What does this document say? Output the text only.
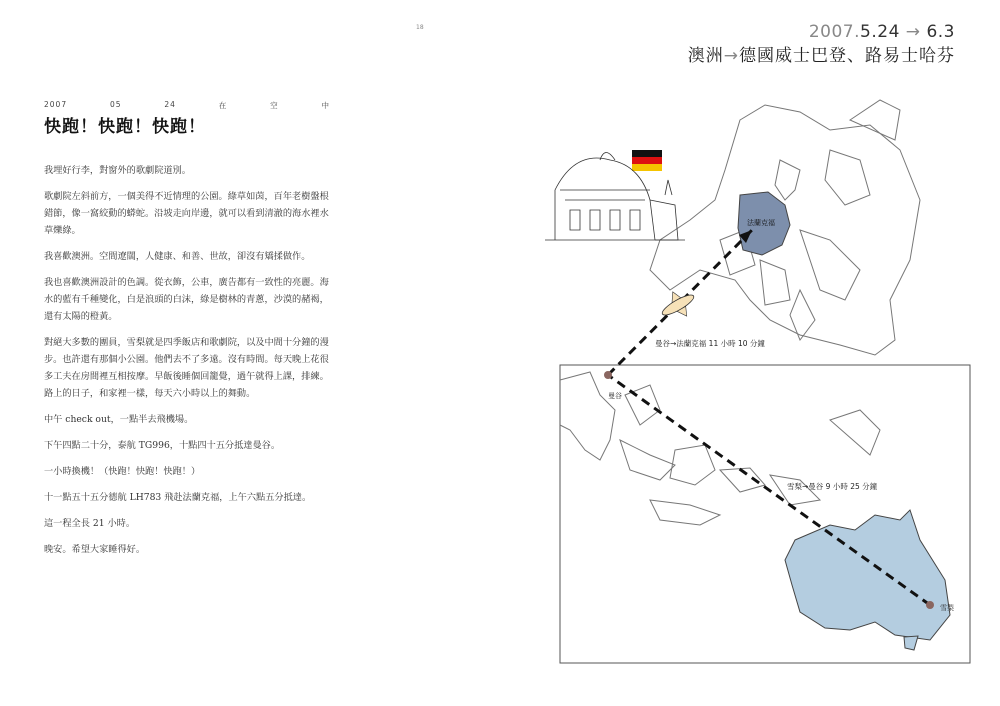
18
2007	05	24	在	空	中
快跑！快跑！快跑！

我埋好行李，對窗外的歌劇院道別。

歌劇院左斜前方，一個美得不近情理的公園。綠草如茵，百年老樹盤根錯節，像一窩絞動的蟒蛇。沿坡走向岸邊，就可以看到清澈的海水裡水草爍綠。

我喜歡澳洲。空間遼闊，人健康、和善、世故，卻沒有矯揉做作。

我也喜歡澳洲設計的色調。從衣飾，公車，廣告都有一致性的亮麗。海水的藍有千種變化，白是浪頭的白沫，綠是樹林的青蔥，沙漠的赭褐，還有太陽的橙黃。

對絕大多數的團員，雪梨就是四季飯店和歌劇院，以及中間十分鐘的漫步。也許還有那個小公園。他們去不了多遠。沒有時間。每天晚上花很多工夫在房間裡互相按摩。早飯後睡個回籠覺，過午就得上課，排練。路上的日子，和家裡一樣，每天六小時以上的舞動。

中午 check out，一點半去飛機場。

下午四點二十分，泰航 TG996，十點四十五分抵達曼谷。

一小時換機！（快跑！快跑！快跑！）

十一點五十五分德航 LH783 飛赴法蘭克福，上午六點五分抵達。

這一程全長 21 小時。

晚安。希望大家睡得好。

2007.5.24 → 6.3
澳洲→德國威士巴登、路易士哈芬
法蘭克福
曼谷
雪梨
曼谷→法蘭克福 11 小時 10 分鐘
雪梨→曼谷 9 小時 25 分鐘
